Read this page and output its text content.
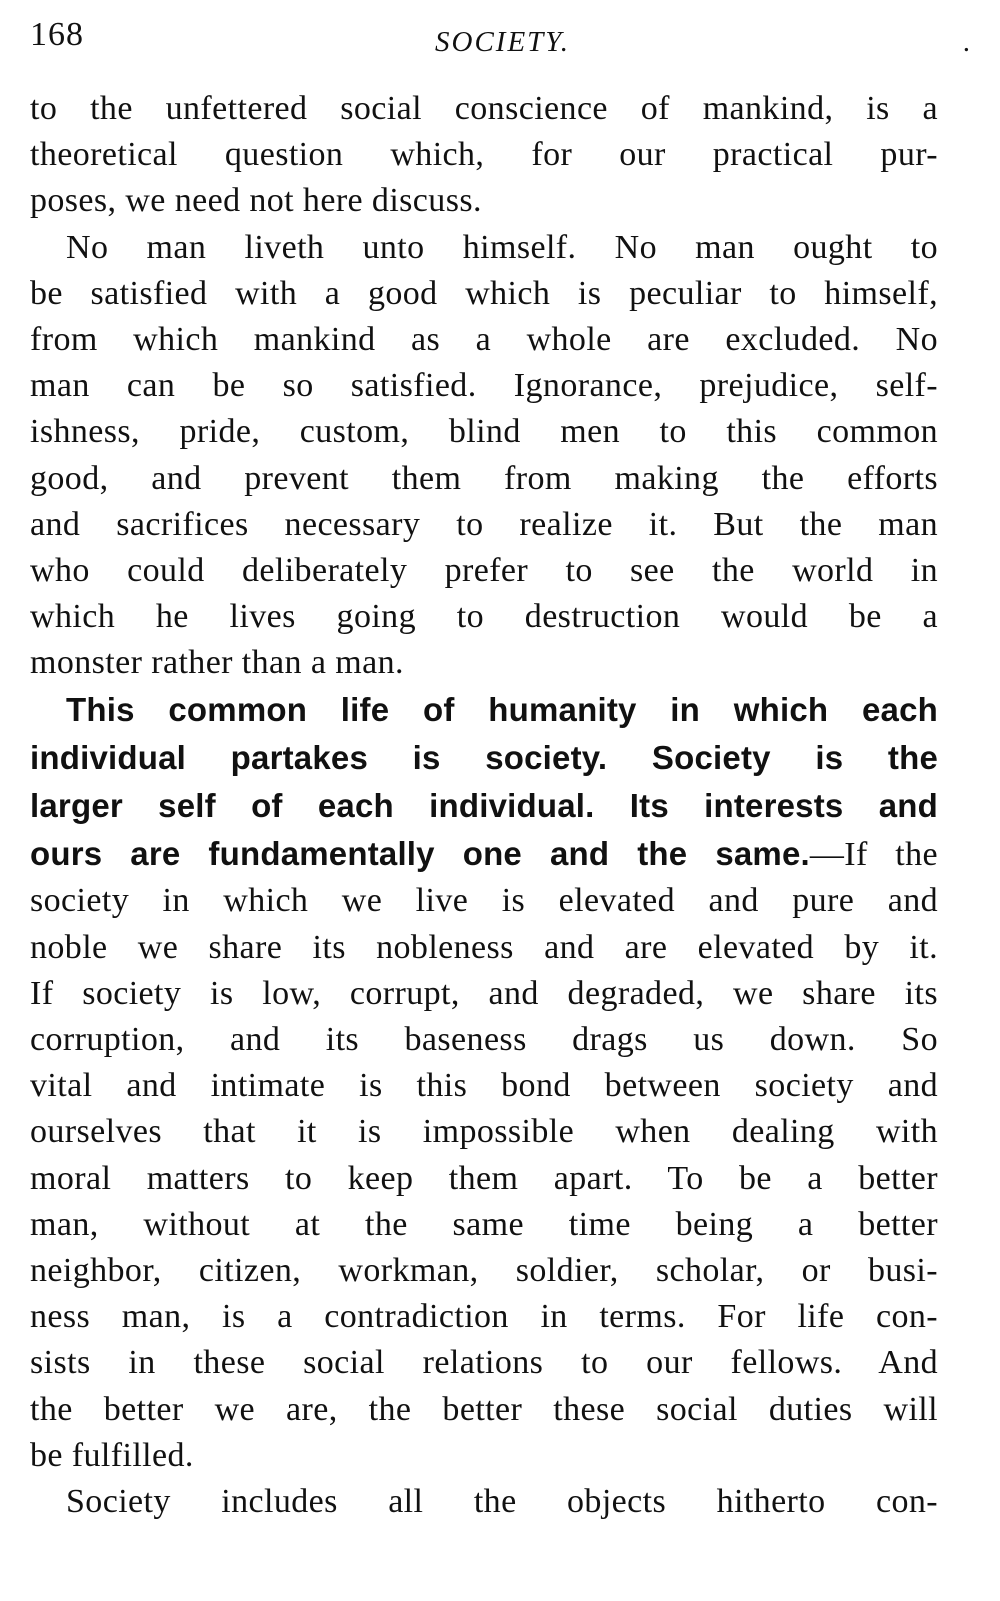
168	SOCIETY.	.
to the unfettered social conscience of mankind, is a
theoretical question which, for our practical pur-
poses, we need not here discuss.
No man liveth unto himself. No man ought to
be satisfied with a good which is peculiar to himself,
from which mankind as a whole are excluded. No
man can be so satisfied. Ignorance, prejudice, self-
ishness, pride, custom, blind men to this common
good, and prevent them from making the efforts
and sacrifices necessary to realize it. But the man
who could deliberately prefer to see the world in
which he lives going to destruction would be a
monster rather than a man.
This common life of humanity in which each
individual partakes is society. Society is the
larger self of each individual. Its interests and
ours are fundamentally one and the same.—If the
society in which we live is elevated and pure and
noble we share its nobleness and are elevated by it.
If society is low, corrupt, and degraded, we share its
corruption, and its baseness drags us down. So
vital and intimate is this bond between society and
ourselves that it is impossible when dealing with
moral matters to keep them apart. To be a better
man, without at the same time being a better
neighbor, citizen, workman, soldier, scholar, or busi-
ness man, is a contradiction in terms. For life con-
sists in these social relations to our fellows. And
the better we are, the better these social duties will
be fulfilled.
Society includes all the objects hitherto con-
